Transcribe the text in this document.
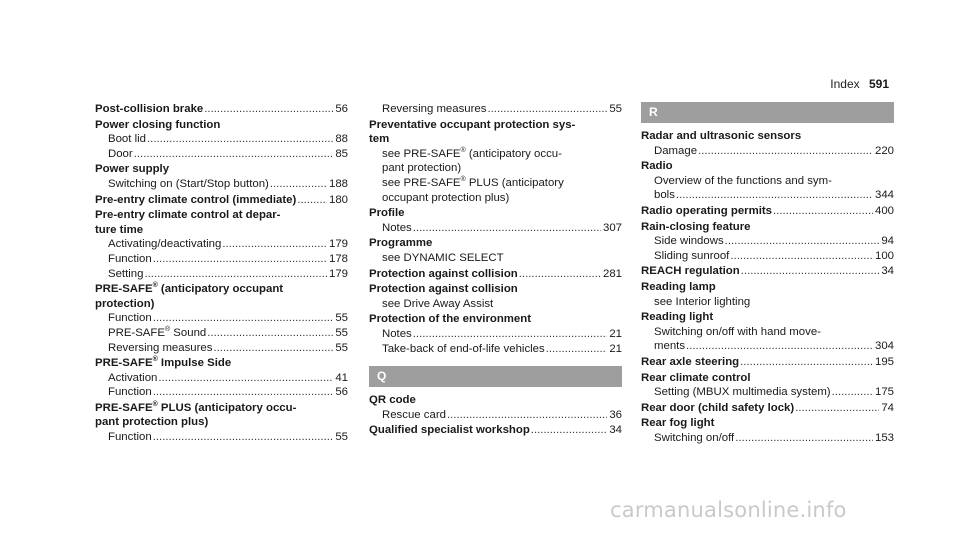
Index 591
Post-collision brake .....	56
Power closing function
Boot lid .....	88
Door .....	85
Power supply
Switching on (Start/Stop button) .....	188
Pre-entry climate control (immediate) .....	180
Pre-entry climate control at depar-
ture time
Activating/deactivating .....	179
Function .....	178
Setting .....	179
PRE-SAFE® (anticipatory occupant
protection)
Function .....	55
PRE-SAFE® Sound .....	55
Reversing measures .....	55
PRE-SAFE® Impulse Side
Activation .....	41
Function .....	56
PRE-SAFE® PLUS (anticipatory occu-
pant protection plus)
Function .....	55
Reversing measures .....	55
Preventative occupant protection sys-
tem
see PRE-SAFE® (anticipatory occu-
pant protection)
see PRE-SAFE® PLUS (anticipatory
occupant protection plus)
Profile
Notes .....	307
Programme
see DYNAMIC SELECT
Protection against collision .....	281
Protection against collision
see Drive Away Assist
Protection of the environment
Notes .....	21
Take-back of end-of-life vehicles .....	21
Q
QR code
Rescue card .....	36
Qualified specialist workshop .....	34
R
Radar and ultrasonic sensors
Damage .....	220
Radio
Overview of the functions and sym-
bols .....	344
Radio operating permits .....	400
Rain-closing feature
Side windows .....	94
Sliding sunroof .....	100
REACH regulation .....	34
Reading lamp
see Interior lighting
Reading light
Switching on/off with hand move-
ments .....	304
Rear axle steering .....	195
Rear climate control
Setting (MBUX multimedia system) .....	175
Rear door (child safety lock) .....	74
Rear fog light
Switching on/off .....	153
carmanualsonline.info
